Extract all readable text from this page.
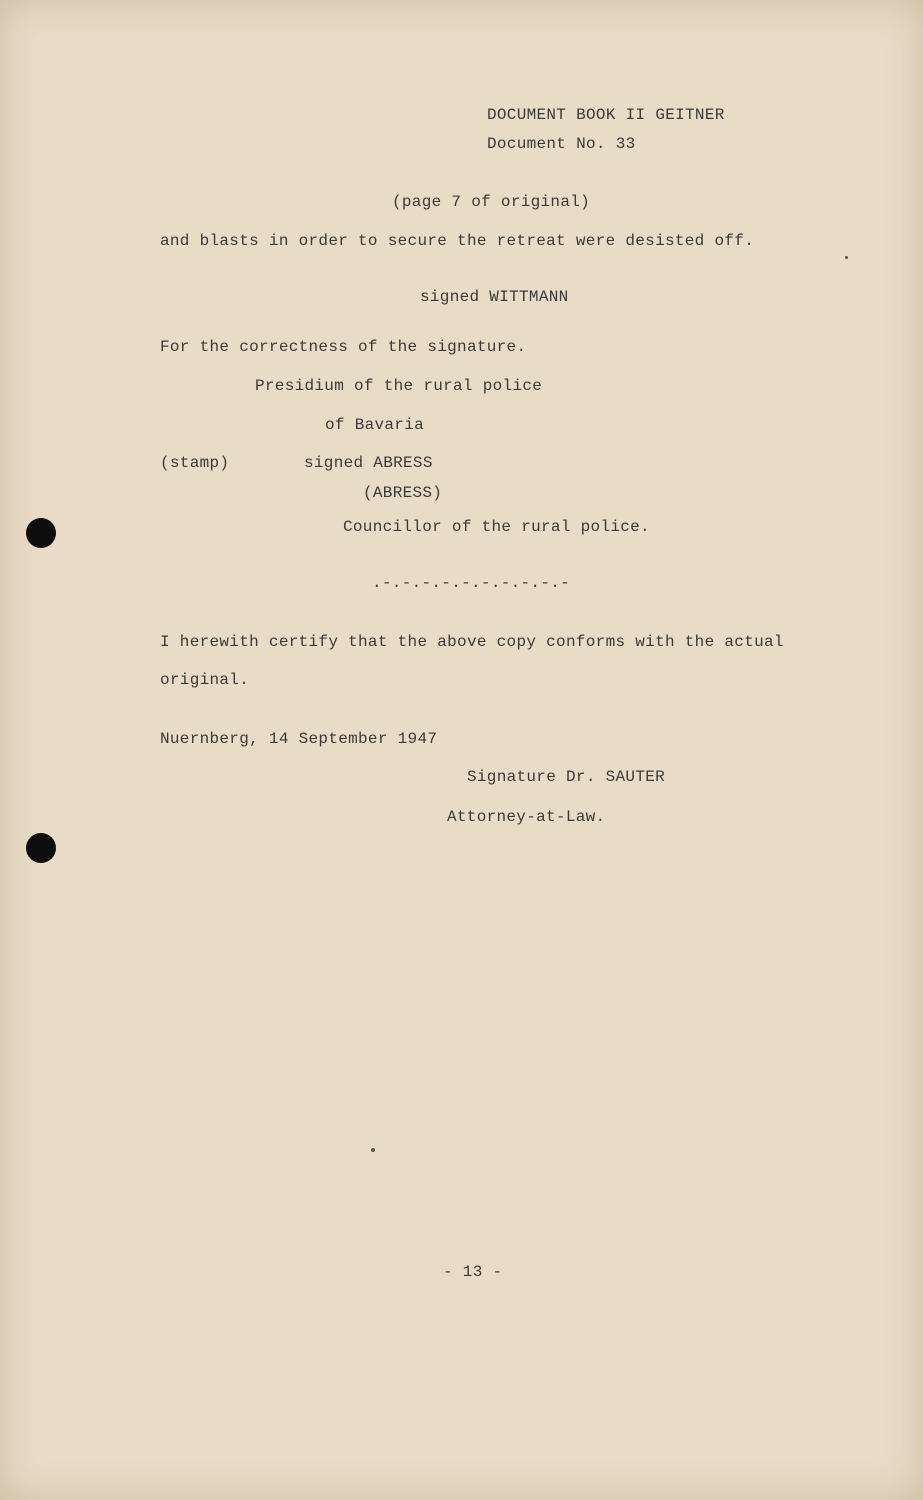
DOCUMENT BOOK II GEITNER
Document No. 33
(page 7 of original)
and blasts in order to secure the retreat were desisted off.
signed WITTMANN
For the correctness of the signature.
Presidium of the rural police
of Bavaria
(stamp)	signed ABRESS
(ABRESS)
Councillor of the rural police.
.-.-.-.-.-.-.-.-.-.-
I herewith certify that the above copy conforms with the actual
original.
Nuernberg, 14 September 1947
Signature Dr. SAUTER
Attorney-at-Law.
- 13 -
